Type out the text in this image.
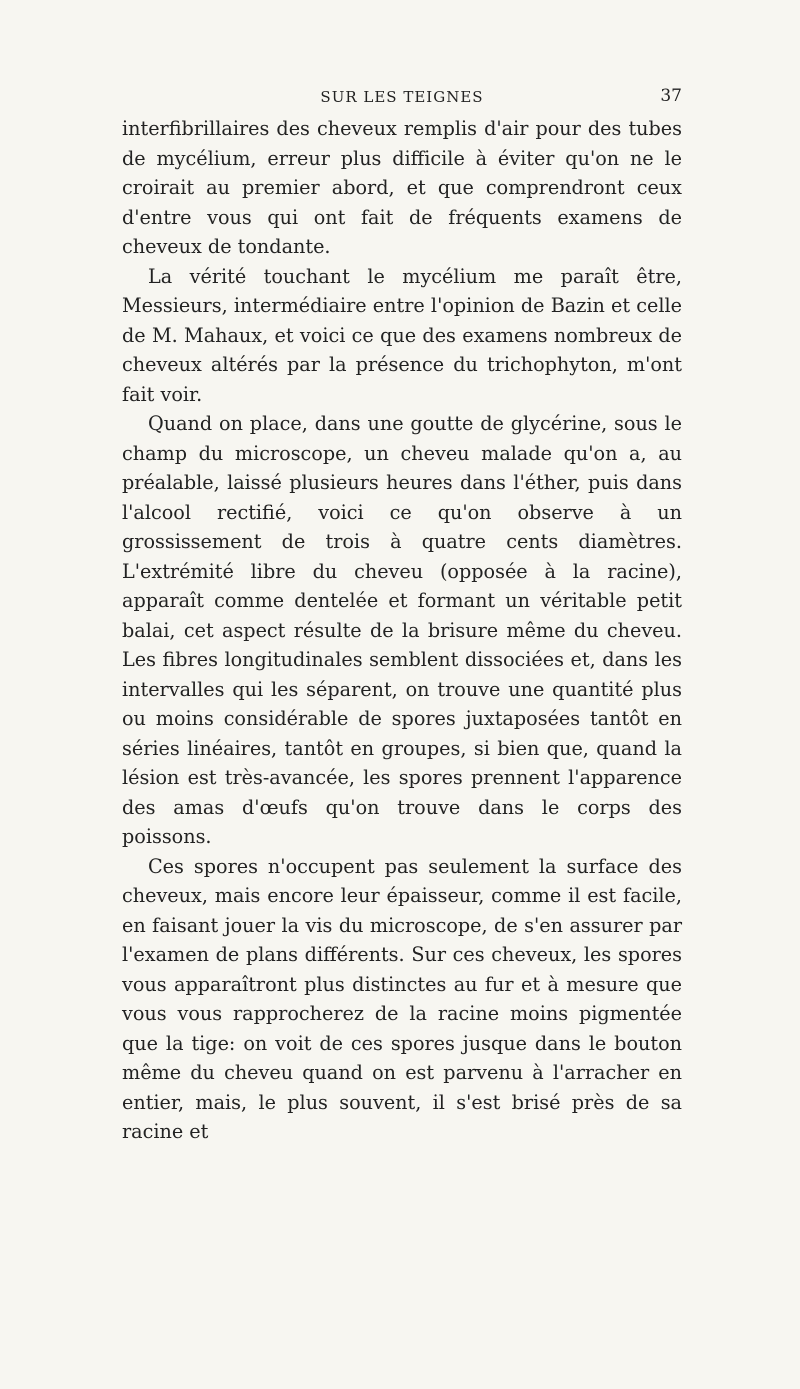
SUR LES TEIGNES	37

interfibrillaires des cheveux remplis d'air pour des tubes de mycélium, erreur plus difficile à éviter qu'on ne le croirait au premier abord, et que comprendront ceux d'entre vous qui ont fait de fréquents examens de cheveux de tondante.

La vérité touchant le mycélium me paraît être, Messieurs, intermédiaire entre l'opinion de Bazin et celle de M. Mahaux, et voici ce que des examens nombreux de cheveux altérés par la présence du trichophyton, m'ont fait voir.

Quand on place, dans une goutte de glycérine, sous le champ du microscope, un cheveu malade qu'on a, au préalable, laissé plusieurs heures dans l'éther, puis dans l'alcool rectifié, voici ce qu'on observe à un grossissement de trois à quatre cents diamètres. L'extrémité libre du cheveu (opposée à la racine), apparaît comme dentelée et formant un véritable petit balai, cet aspect résulte de la brisure même du cheveu. Les fibres longitudinales semblent dissociées et, dans les intervalles qui les séparent, on trouve une quantité plus ou moins considérable de spores juxtaposées tantôt en séries linéaires, tantôt en groupes, si bien que, quand la lésion est très-avancée, les spores prennent l'apparence des amas d'œufs qu'on trouve dans le corps des poissons.

Ces spores n'occupent pas seulement la surface des cheveux, mais encore leur épaisseur, comme il est facile, en faisant jouer la vis du microscope, de s'en assurer par l'examen de plans différents. Sur ces cheveux, les spores vous apparaîtront plus distinctes au fur et à mesure que vous vous rapprocherez de la racine moins pigmentée que la tige: on voit de ces spores jusque dans le bouton même du cheveu quand on est parvenu à l'arracher en entier, mais, le plus souvent, il s'est brisé près de sa racine et
